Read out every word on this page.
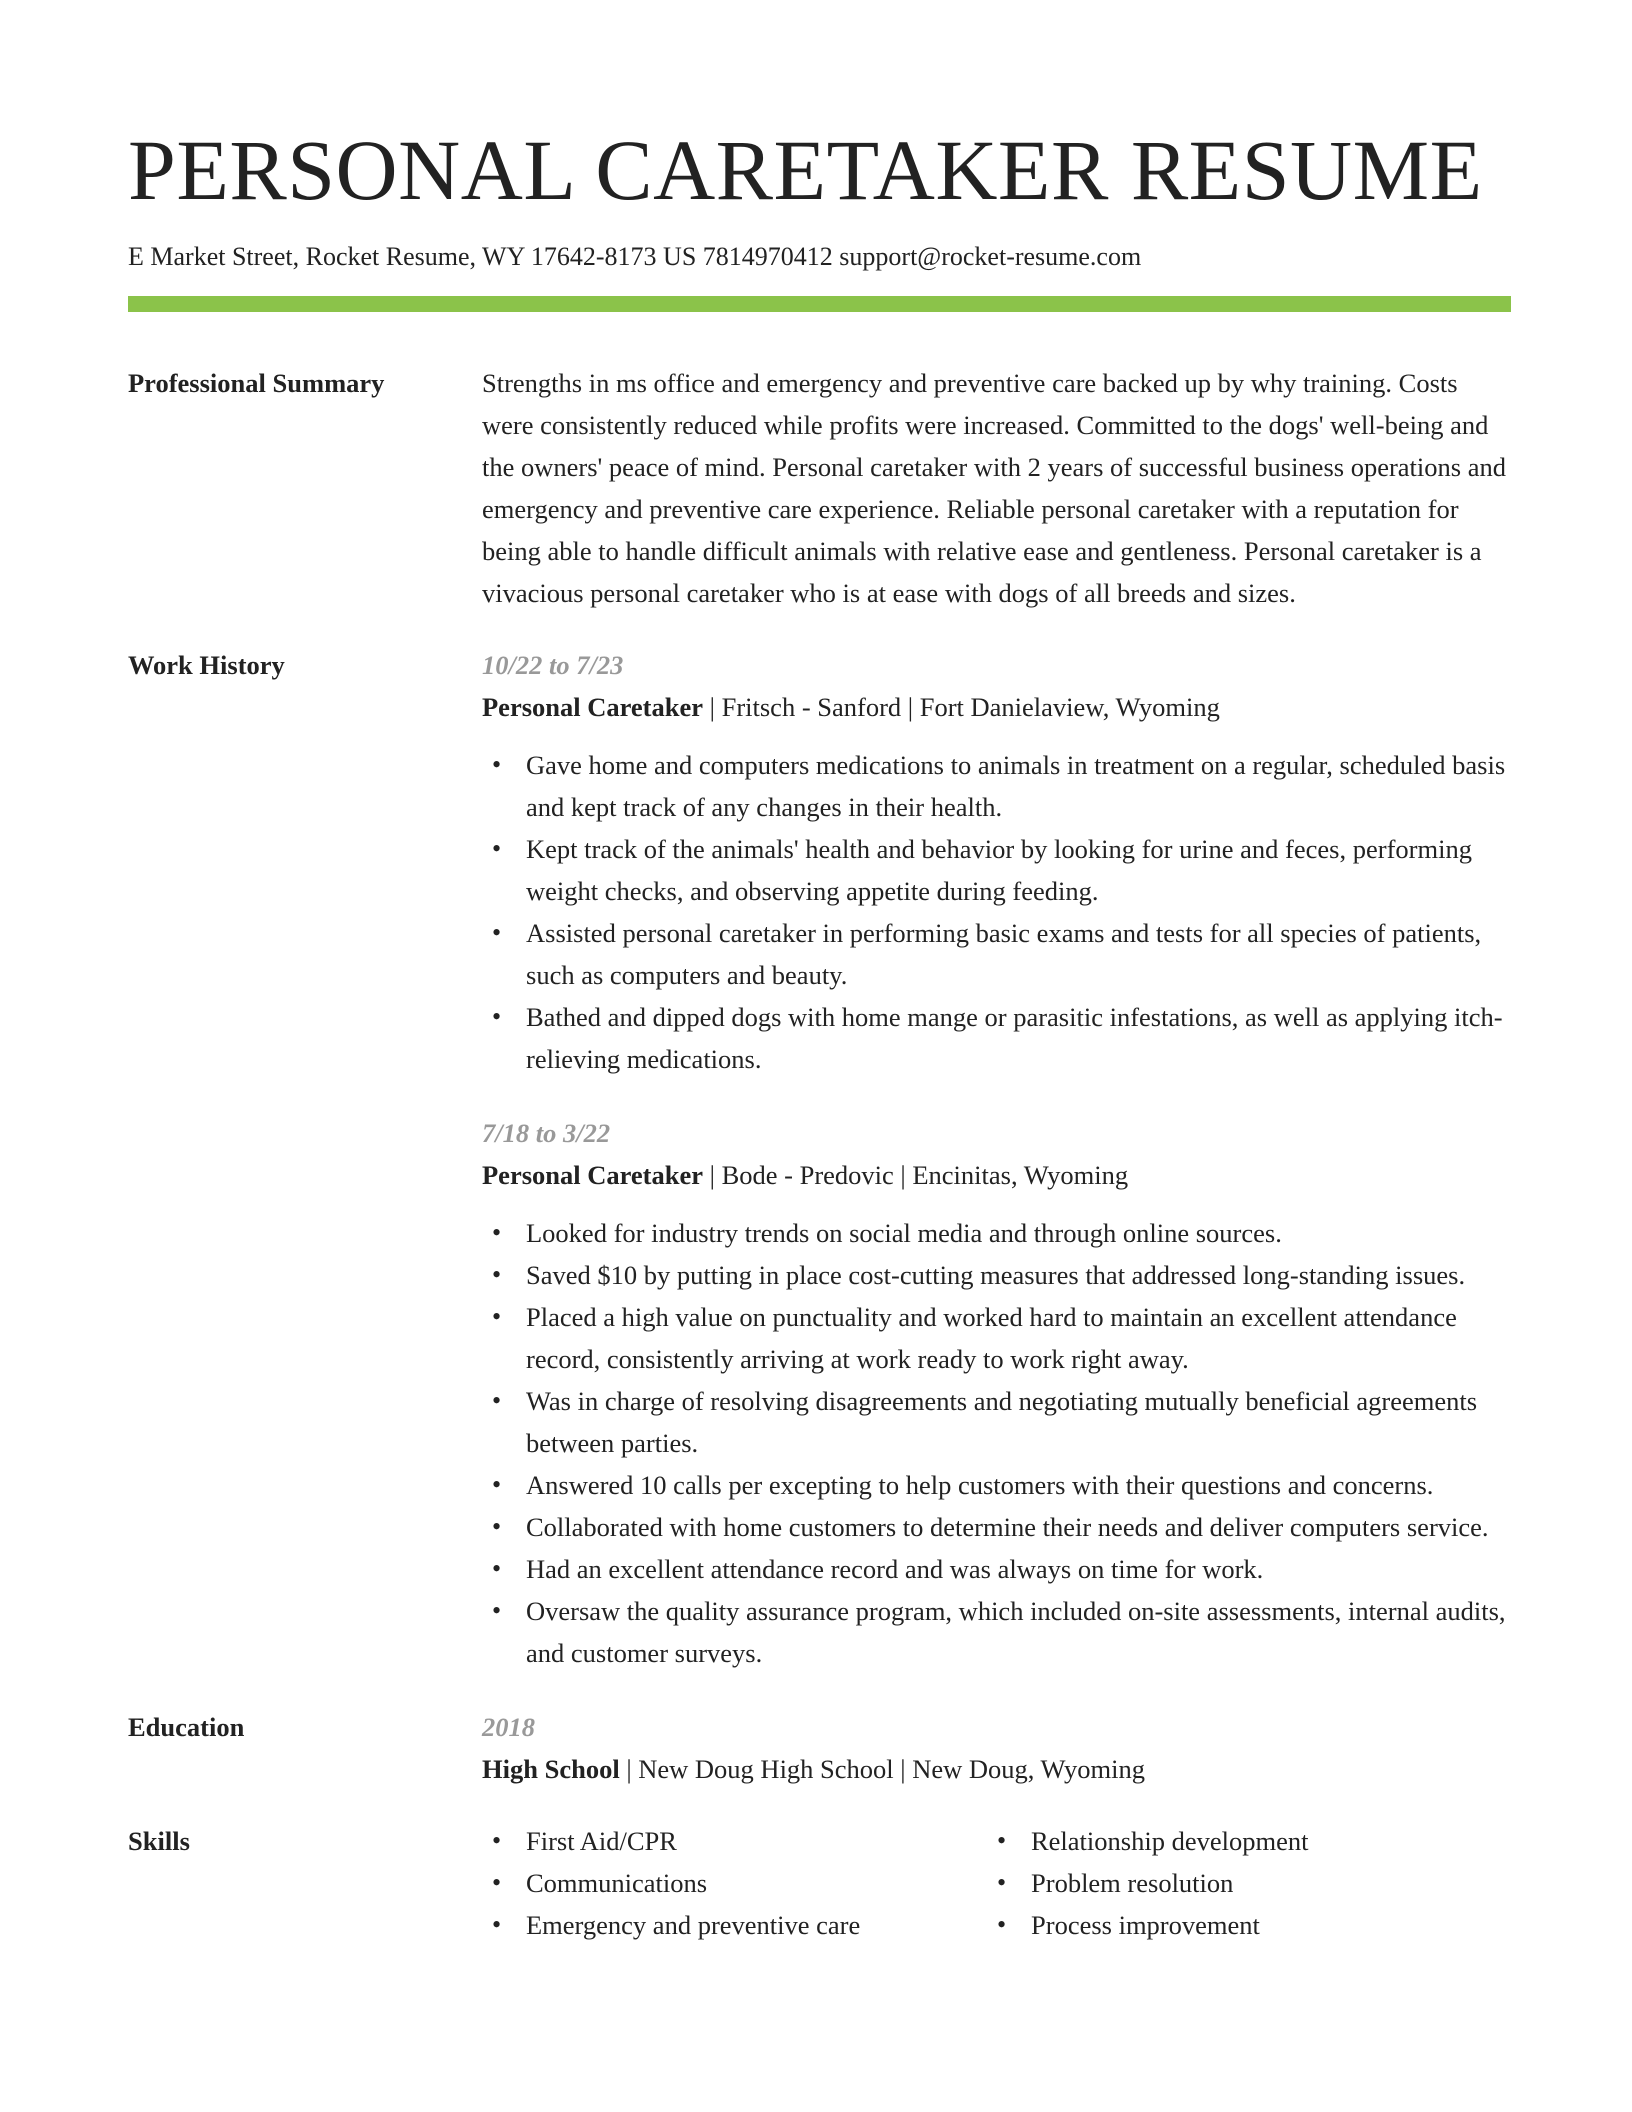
PERSONAL CARETAKER RESUME
E Market Street, Rocket Resume, WY 17642-8173 US 7814970412 support@rocket-resume.com
Professional Summary	Strengths in ms office and emergency and preventive care backed up by why training. Costs were consistently reduced while profits were increased. Committed to the dogs' well-being and the owners' peace of mind. Personal caretaker with 2 years of successful business operations and emergency and preventive care experience. Reliable personal caretaker with a reputation for being able to handle difficult animals with relative ease and gentleness. Personal caretaker is a vivacious personal caretaker who is at ease with dogs of all breeds and sizes.
Work History	10/22 to 7/23
Personal Caretaker | Fritsch - Sanford | Fort Danielaview, Wyoming
• Gave home and computers medications to animals in treatment on a regular, scheduled basis and kept track of any changes in their health.
• Kept track of the animals' health and behavior by looking for urine and feces, performing weight checks, and observing appetite during feeding.
• Assisted personal caretaker in performing basic exams and tests for all species of patients, such as computers and beauty.
• Bathed and dipped dogs with home mange or parasitic infestations, as well as applying itch-relieving medications.
7/18 to 3/22
Personal Caretaker | Bode - Predovic | Encinitas, Wyoming
• Looked for industry trends on social media and through online sources.
• Saved $10 by putting in place cost-cutting measures that addressed long-standing issues.
• Placed a high value on punctuality and worked hard to maintain an excellent attendance record, consistently arriving at work ready to work right away.
• Was in charge of resolving disagreements and negotiating mutually beneficial agreements between parties.
• Answered 10 calls per excepting to help customers with their questions and concerns.
• Collaborated with home customers to determine their needs and deliver computers service.
• Had an excellent attendance record and was always on time for work.
• Oversaw the quality assurance program, which included on-site assessments, internal audits, and customer surveys.
Education	2018
High School | New Doug High School | New Doug, Wyoming
Skills
•	First Aid/CPR
• Communications
• Emergency and preventive care
• Relationship development
• Problem resolution
• Process improvement
